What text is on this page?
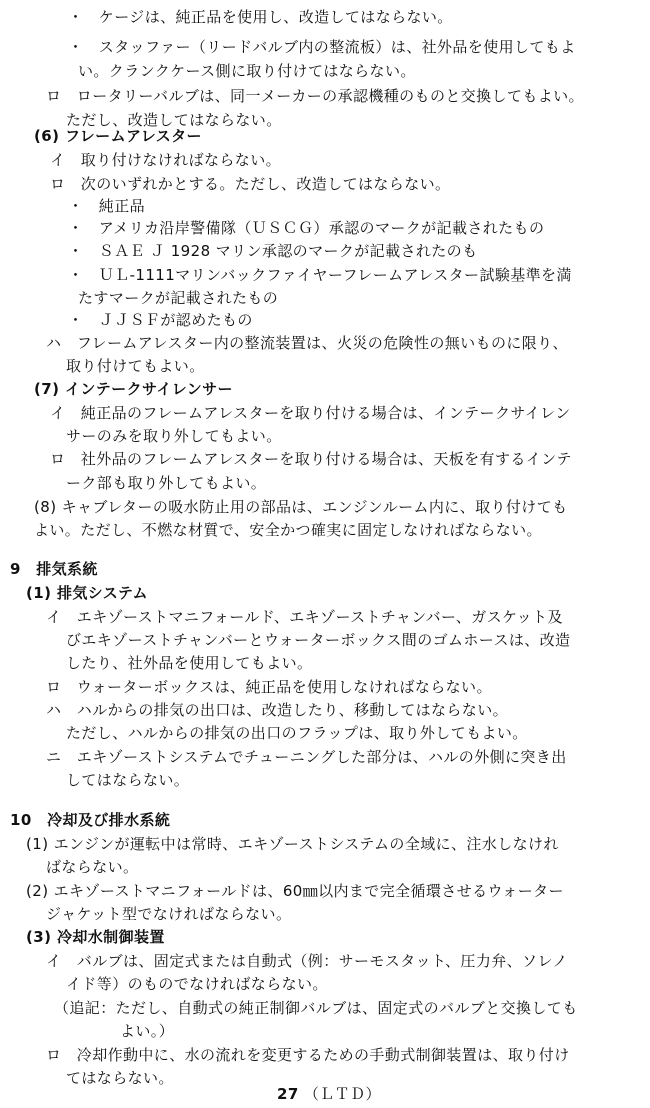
・　ケージは、純正品を使用し、改造してはならない。
・　スタッファー（リードバルブ内の整流板）は、社外品を使用してもよ
い。クランクケース側に取り付けてはならない。
ロ　ロータリーバルブは、同一メーカーの承認機種のものと交換してもよい。
ただし、改造してはならない。
(6) フレームアレスター
イ　取り付けなければならない。
ロ　次のいずれかとする。ただし、改造してはならない。
・　純正品
・　アメリカ沿岸警備隊（ＵＳＣＧ）承認のマークが記載されたもの
・　ＳＡＥ Ｊ 1928 マリン承認のマークが記載されたのも
・　ＵＬ-1111マリンバックファイヤーフレームアレスター試験基準を満
たすマークが記載されたもの
・　ＪＪＳＦが認めたもの
ハ　フレームアレスター内の整流装置は、火災の危険性の無いものに限り、
取り付けてもよい。
(7) インテークサイレンサー
イ　純正品のフレームアレスターを取り付ける場合は、インテークサイレン
サーのみを取り外してもよい。
ロ　社外品のフレームアレスターを取り付ける場合は、天板を有するインテ
ーク部も取り外してもよい。
(8) キャブレターの吸水防止用の部品は、エンジンルーム内に、取り付けても
よい。ただし、不燃な材質で、安全かつ確実に固定しなければならない。
9　排気系統
(1) 排気システム
イ　エキゾーストマニフォールド、エキゾーストチャンバー、ガスケット及
びエキゾーストチャンバーとウォーターボックス間のゴムホースは、改造
したり、社外品を使用してもよい。
ロ　ウォーターボックスは、純正品を使用しなければならない。
ハ　ハルからの排気の出口は、改造したり、移動してはならない。
ただし、ハルからの排気の出口のフラップは、取り外してもよい。
ニ　エキゾーストシステムでチューニングした部分は、ハルの外側に突き出
してはならない。
10　冷却及び排水系統
(1) エンジンが運転中は常時、エキゾーストシステムの全域に、注水しなけれ
ばならない。
(2) エキゾーストマニフォールドは、60㎜以内まで完全循環させるウォーター
ジャケット型でなければならない。
(3) 冷却水制御装置
イ　バルブは、固定式または自動式（例：サーモスタット、圧力弁、ソレノ
イド等）のものでなければならない。
（追記：ただし、自動式の純正制御バルブは、固定式のバルブと交換しても
よい。）
ロ　冷却作動中に、水の流れを変更するための手動式制御装置は、取り付け
てはならない。
27 （ＬＴＤ）
